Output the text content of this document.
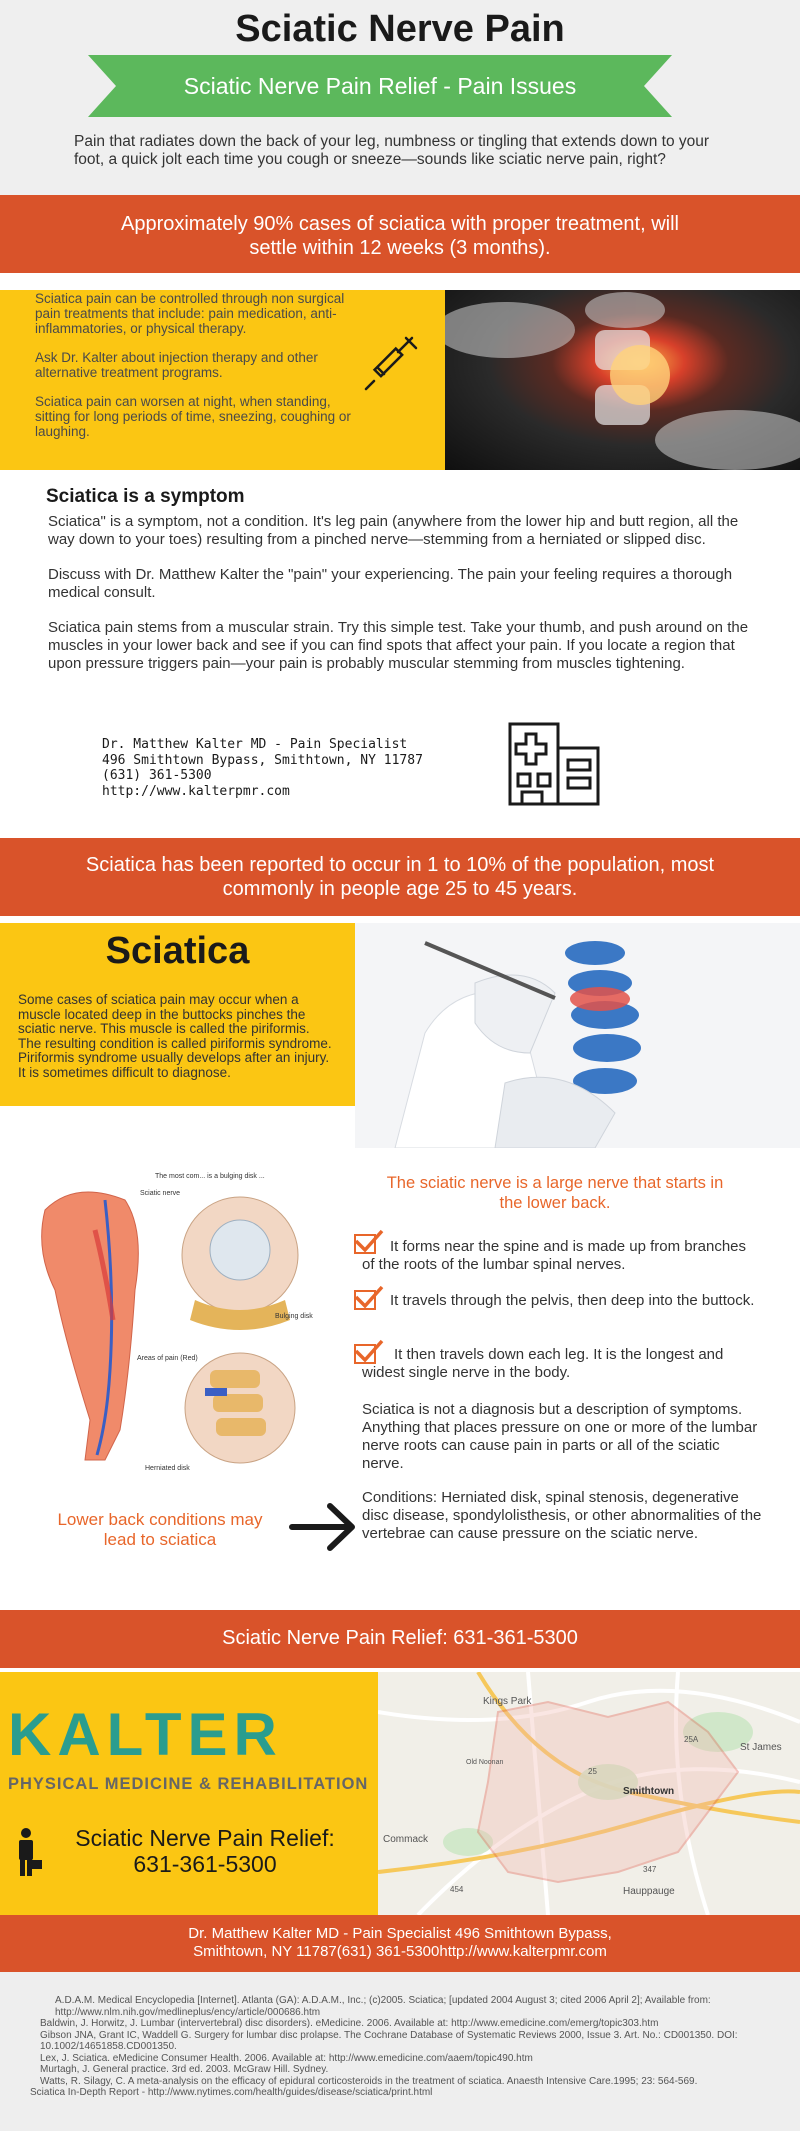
Sciatic Nerve Pain
Sciatic Nerve Pain Relief - Pain Issues
Pain that radiates down the back of your leg, numbness or tingling that extends down to your foot, a quick jolt each time you cough or sneeze—sounds like sciatic nerve pain, right?
Approximately 90% cases of sciatica with proper treatment, will settle within 12 weeks (3 months).

Sciatica pain can be controlled through non surgical pain treatments that include: pain medication, anti-inflammatories, or physical therapy.

Ask Dr. Kalter about injection therapy and other alternative treatment programs.

Sciatica pain can worsen at night, when standing, sitting for long periods of time, sneezing, coughing or laughing.

Sciatica is a symptom

Sciatica" is a symptom, not a condition. It's leg pain (anywhere from the lower hip and butt region, all the way down to your toes) resulting from a pinched nerve—stemming from a herniated or slipped disc.

Discuss with Dr. Matthew Kalter the "pain" your experiencing. The pain your feeling requires a thorough medical consult.

Sciatica pain stems from a muscular strain. Try this simple test. Take your thumb, and push around on the muscles in your lower back and see if you can find spots that affect your pain. If you locate a region that upon pressure triggers pain—your pain is probably muscular stemming from muscles tightening.

Dr. Matthew Kalter MD - Pain Specialist
496 Smithtown Bypass, Smithtown, NY 11787
(631) 361-5300
http://www.kalterpmr.com
Sciatica has been reported to occur in 1 to 10% of the population, most commonly in people age 25 to 45 years.
Sciatica
Some cases of sciatica pain may occur when a muscle located deep in the buttocks pinches the sciatic nerve. This muscle is called the piriformis. The resulting condition is called piriformis syndrome. Piriformis syndrome usually develops after an injury. It is sometimes difficult to diagnose.
The most com... is a bulging disk ...
Sciatic nerve
Bulging disk
Areas of pain (Red)
Herniated disk
The sciatic nerve is a large nerve that starts in the lower back.
It forms near the spine and is made up from branches of the roots of the lumbar spinal nerves.
It travels through the pelvis, then deep into the buttock.
It then travels down each leg. It is the longest and widest single nerve in the body.
Sciatica is not a diagnosis but a description of symptoms. Anything that places pressure on one or more of the lumbar nerve roots can cause pain in parts or all of the sciatic nerve.
Conditions: Herniated disk, spinal stenosis, degenerative disc disease, spondylolisthesis, or other abnormalities of the vertebrae can cause pressure on the sciatic nerve.
Lower back conditions may lead to sciatica
Sciatic Nerve Pain Relief: 631-361-5300
KALTER
PHYSICAL MEDICINE & REHABILITATION
Sciatic Nerve Pain Relief:
631-361-5300
Kings Park
Smithtown
Commack
Hauppauge
St James
Old Noonan
25A
347
25
454
Dr. Matthew Kalter MD - Pain Specialist 496 Smithtown Bypass, Smithtown, NY 11787(631) 361-5300http://www.kalterpmr.com
A.D.A.M. Medical Encyclopedia [Internet]. Atlanta (GA): A.D.A.M., Inc.; (c)2005. Sciatica; [updated 2004 August 3; cited 2006 April 2]; Available from: http://www.nlm.nih.gov/medlineplus/ency/article/000686.htm
Baldwin, J. Horwitz, J. Lumbar (intervertebral) disc disorders). eMedicine. 2006. Available at: http://www.emedicine.com/emerg/topic303.htm
Gibson JNA, Grant IC, Waddell G. Surgery for lumbar disc prolapse. The Cochrane Database of Systematic Reviews 2000, Issue 3. Art. No.: CD001350. DOI: 10.1002/14651858.CD001350.
Lex, J. Sciatica. eMedicine Consumer Health. 2006. Available at: http://www.emedicine.com/aaem/topic490.htm
Murtagh, J. General practice. 3rd ed. 2003. McGraw Hill. Sydney.
Watts, R. Silagy, C. A meta-analysis on the efficacy of epidural corticosteroids in the treatment of sciatica. Anaesth Intensive Care.1995; 23: 564-569.
Sciatica In-Depth Report - http://www.nytimes.com/health/guides/disease/sciatica/print.html
